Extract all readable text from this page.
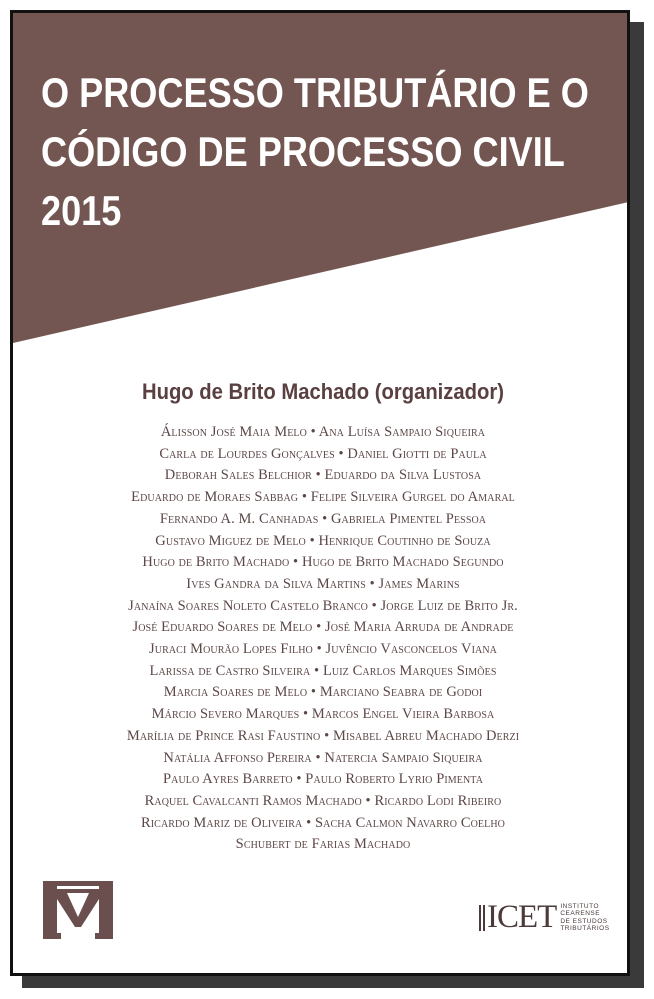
O PROCESSO TRIBUTÁRIO E O
CÓDIGO DE PROCESSO CIVIL
2015
Hugo de Brito Machado (organizador)
Álisson José Maia Melo • Ana Luísa Sampaio Siqueira
Carla de Lourdes Gonçalves • Daniel Giotti de Paula
Deborah Sales Belchior • Eduardo da Silva Lustosa
Eduardo de Moraes Sabbag • Felipe Silveira Gurgel do Amaral
Fernando A. M. Canhadas • Gabriela Pimentel Pessoa
Gustavo Miguez de Melo • Henrique Coutinho de Souza
Hugo de Brito Machado • Hugo de Brito Machado Segundo
Ives Gandra da Silva Martins • James Marins
Janaína Soares Noleto Castelo Branco • Jorge Luiz de Brito Jr.
José Eduardo Soares de Melo • José Maria Arruda de Andrade
Juraci Mourão Lopes Filho • Juvêncio Vasconcelos Viana
Larissa de Castro Silveira • Luiz Carlos Marques Simões
Marcia Soares de Melo • Marciano Seabra de Godoi
Márcio Severo Marques • Marcos Engel Vieira Barbosa
Marília de Prince Rasi Faustino • Misabel Abreu Machado Derzi
Natália Affonso Pereira • Natercia Sampaio Siqueira
Paulo Ayres Barreto • Paulo Roberto Lyrio Pimenta
Raquel Cavalcanti Ramos Machado • Ricardo Lodi Ribeiro
Ricardo Mariz de Oliveira • Sacha Calmon Navarro Coelho
Schubert de Farias Machado
ICET INSTITUTO
CEARENSE
DE ESTUDOS
TRIBUTÁRIOS
